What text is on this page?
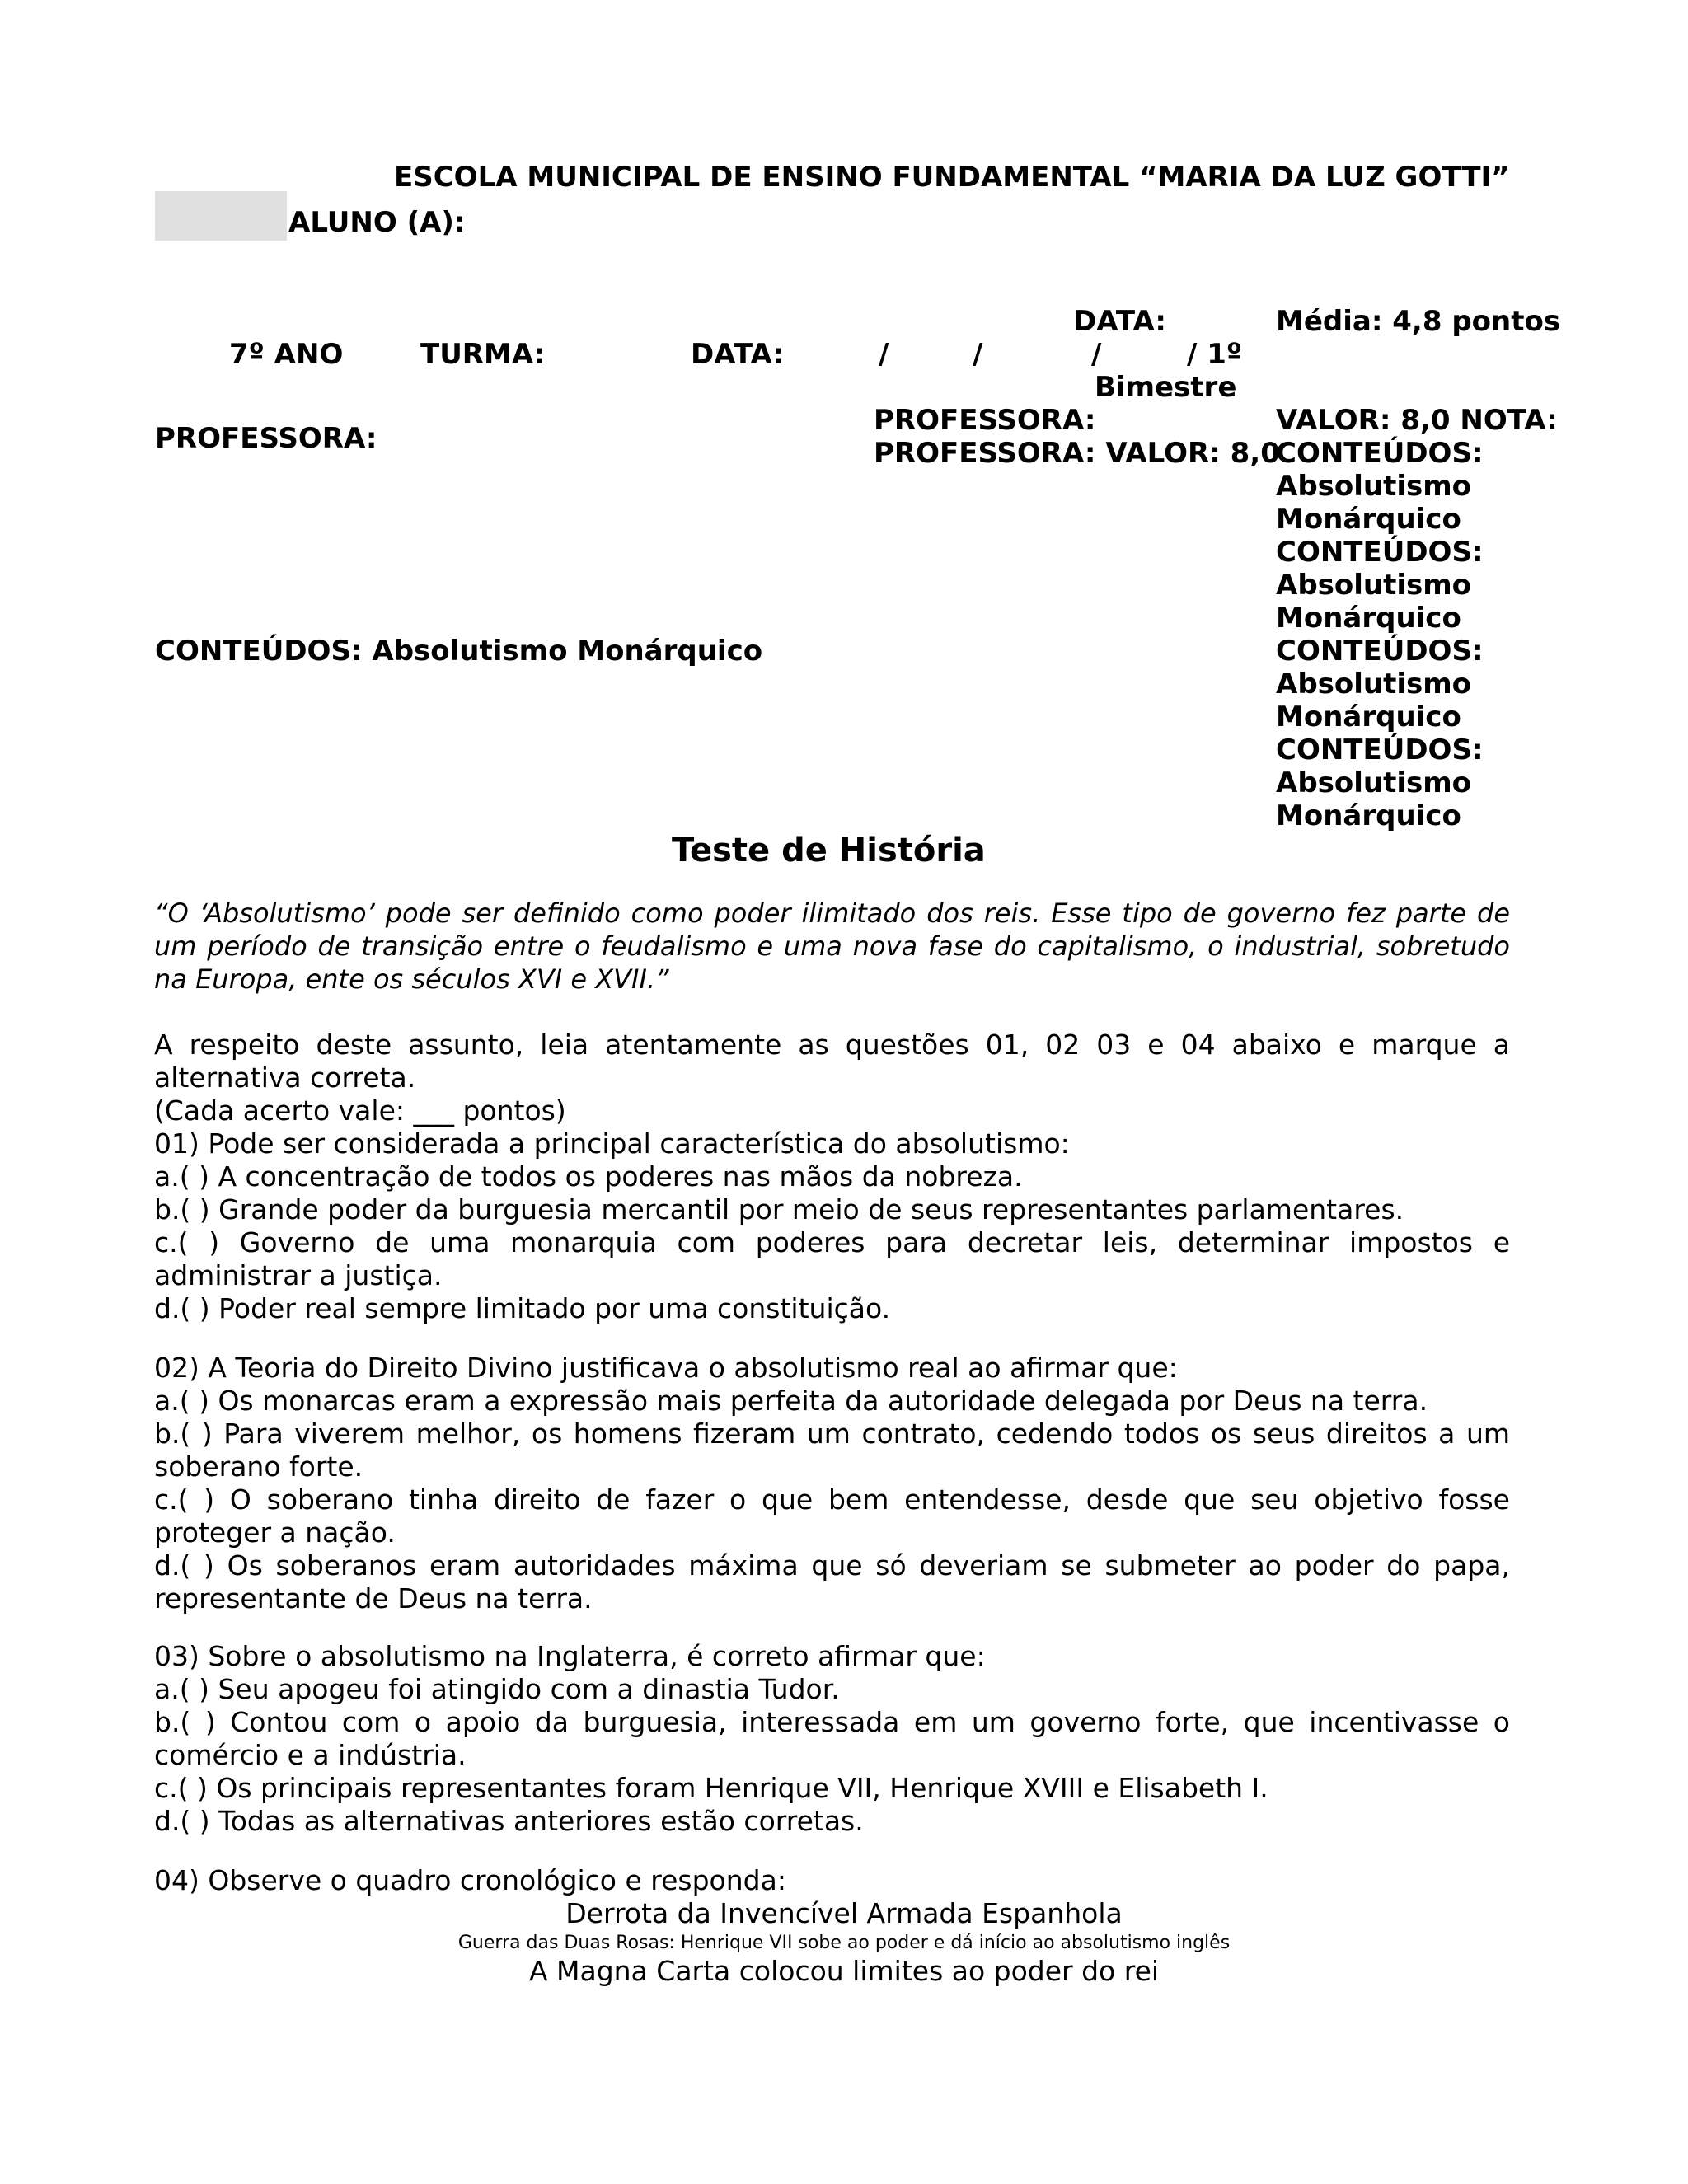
ESCOLA MUNICIPAL DE ENSINO FUNDAMENTAL “MARIA DA LUZ GOTTI”
ALUNO (A):
DATA:	Média: 4,8 pontos
7º ANO	TURMA:	DATA:	/	/	/	/ 1º
Bimestre
PROFESSORA:
PROFESSORA:	PROFESSORA: VALOR: 8,0
VALOR: 8,0 NOTA:
CONTEÚDOS:
Absolutismo
Monárquico
CONTEÚDOS:
Absolutismo
Monárquico
CONTEÚDOS:
Absolutismo
Monárquico
CONTEÚDOS:
Absolutismo
Monárquico
CONTEÚDOS: Absolutismo Monárquico
Teste de História
“O ‘Absolutismo’ pode ser definido como poder ilimitado dos reis. Esse tipo de governo fez parte de um período de transição entre o feudalismo e uma nova fase do capitalismo, o industrial, sobretudo na Europa, ente os séculos XVI e XVII.”
A respeito deste assunto, leia atentamente as questões 01, 02 03 e 04 abaixo e marque a alternativa correta.
(Cada acerto vale: ___ pontos)
01) Pode ser considerada a principal característica do absolutismo:
a.( ) A concentração de todos os poderes nas mãos da nobreza.
b.( ) Grande poder da burguesia mercantil por meio de seus representantes parlamentares.
c.( ) Governo de uma monarquia com poderes para decretar leis, determinar impostos e administrar a justiça.
d.( ) Poder real sempre limitado por uma constituição.
02) A Teoria do Direito Divino justificava o absolutismo real ao afirmar que:
a.( ) Os monarcas eram a expressão mais perfeita da autoridade delegada por Deus na terra.
b.( ) Para viverem melhor, os homens fizeram um contrato, cedendo todos os seus direitos a um soberano forte.
c.( ) O soberano tinha direito de fazer o que bem entendesse, desde que seu objetivo fosse proteger a nação.
d.( ) Os soberanos eram autoridades máxima que só deveriam se submeter ao poder do papa, representante de Deus na terra.
03) Sobre o absolutismo na Inglaterra, é correto afirmar que:
a.( ) Seu apogeu foi atingido com a dinastia Tudor.
b.( ) Contou com o apoio da burguesia, interessada em um governo forte, que incentivasse o comércio e a indústria.
c.( ) Os principais representantes foram Henrique VII, Henrique XVIII e Elisabeth I.
d.( ) Todas as alternativas anteriores estão corretas.
04) Observe o quadro cronológico e responda:
Derrota da Invencível Armada Espanhola
Guerra das Duas Rosas: Henrique VII sobe ao poder e dá início ao absolutismo inglês
A Magna Carta colocou limites ao poder do rei
